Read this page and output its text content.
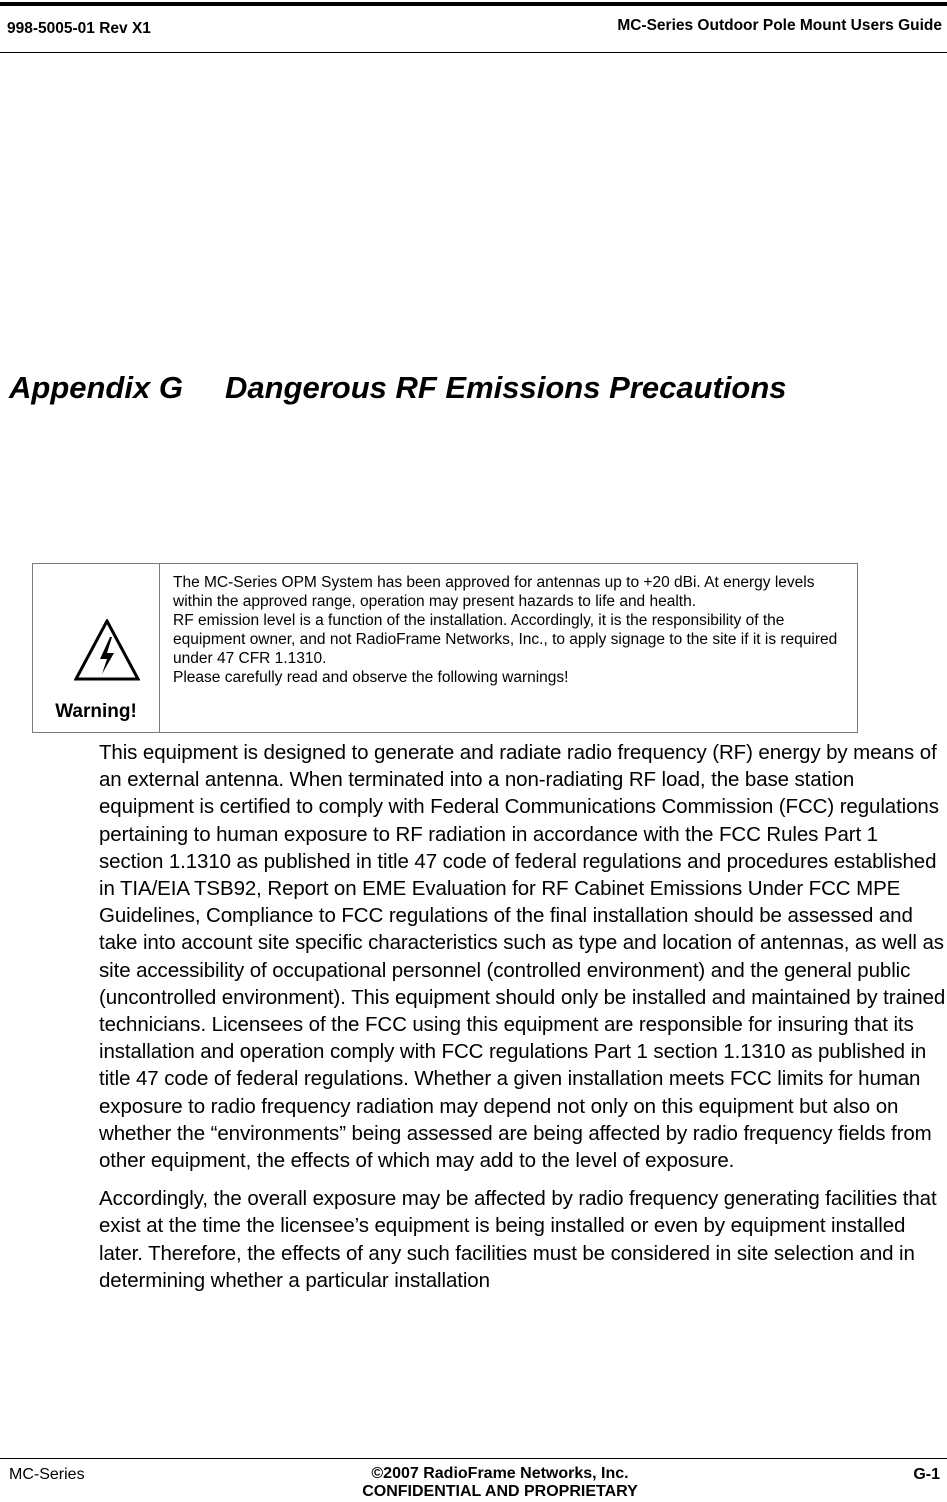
998-5005-01 Rev X1	MC-Series Outdoor Pole Mount Users Guide
Appendix G Dangerous RF Emissions Precautions
Warning!

The MC-Series OPM System has been approved for antennas up to +20 dBi. At energy levels within the approved range, operation may present hazards to life and health.

RF emission level is a function of the installation. Accordingly, it is the responsibility of the equipment owner, and not RadioFrame Networks, Inc., to apply signage to the site if it is required under 47 CFR 1.1310.

Please carefully read and observe the following warnings!

This equipment is designed to generate and radiate radio frequency (RF) energy by means of an external antenna. When terminated into a non-radiating RF load, the base station equipment is certified to comply with Federal Communications Commission (FCC) regulations pertaining to human exposure to RF radiation in accordance with the FCC Rules Part 1 section 1.1310 as published in title 47 code of federal regulations and procedures established in TIA/EIA TSB92, Report on EME Evaluation for RF Cabinet Emissions Under FCC MPE Guidelines, Compliance to FCC regulations of the final installation should be assessed and take into account site specific characteristics such as type and location of antennas, as well as site accessibility of occupational personnel (controlled environment) and the general public (uncontrolled environment). This equipment should only be installed and maintained by trained technicians. Licensees of the FCC using this equipment are responsible for insuring that its installation and operation comply with FCC regulations Part 1 section 1.1310 as published in title 47 code of federal regulations. Whether a given installation meets FCC limits for human exposure to radio frequency radiation may depend not only on this equipment but also on whether the “environments” being assessed are being affected by radio frequency fields from other equipment, the effects of which may add to the level of exposure.

Accordingly, the overall exposure may be affected by radio frequency generating facilities that exist at the time the licensee’s equipment is being installed or even by equipment installed later. Therefore, the effects of any such facilities must be considered in site selection and in determining whether a particular installation

MC-Series	©2007 RadioFrame Networks, Inc.
CONFIDENTIAL AND PROPRIETARY
G-1
